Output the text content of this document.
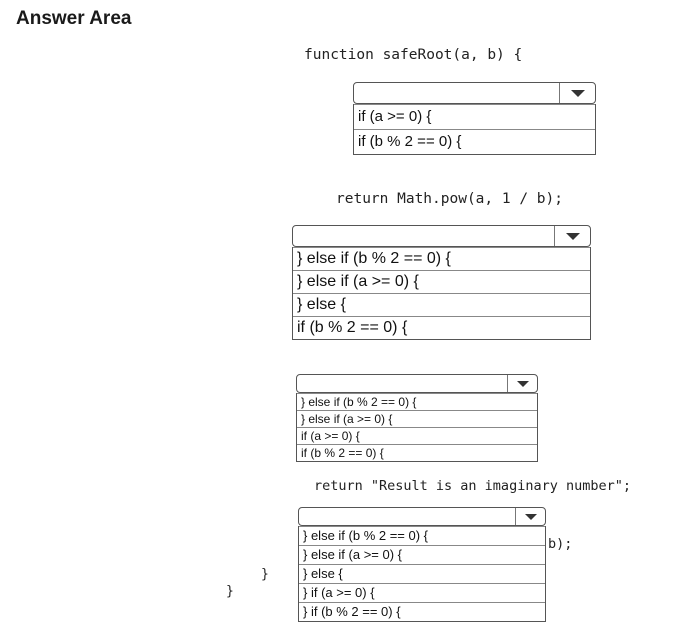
Answer Area
function safeRoot(a, b) {
if (a >= 0) {
if (b % 2 == 0) {
return Math.pow(a, 1 / b);
} else if (b % 2 == 0) {
} else if (a >= 0) {
} else {
if (b % 2 == 0) {
} else if (b % 2 == 0) {
} else if (a >= 0) {
if (a >= 0) {
if (b % 2 == 0) {
return "Result is an imaginary number";
} else if (b % 2 == 0) {
} else if (a >= 0) {
} else {
} if (a >= 0) {
} if (b % 2 == 0) {
b);
}
}
